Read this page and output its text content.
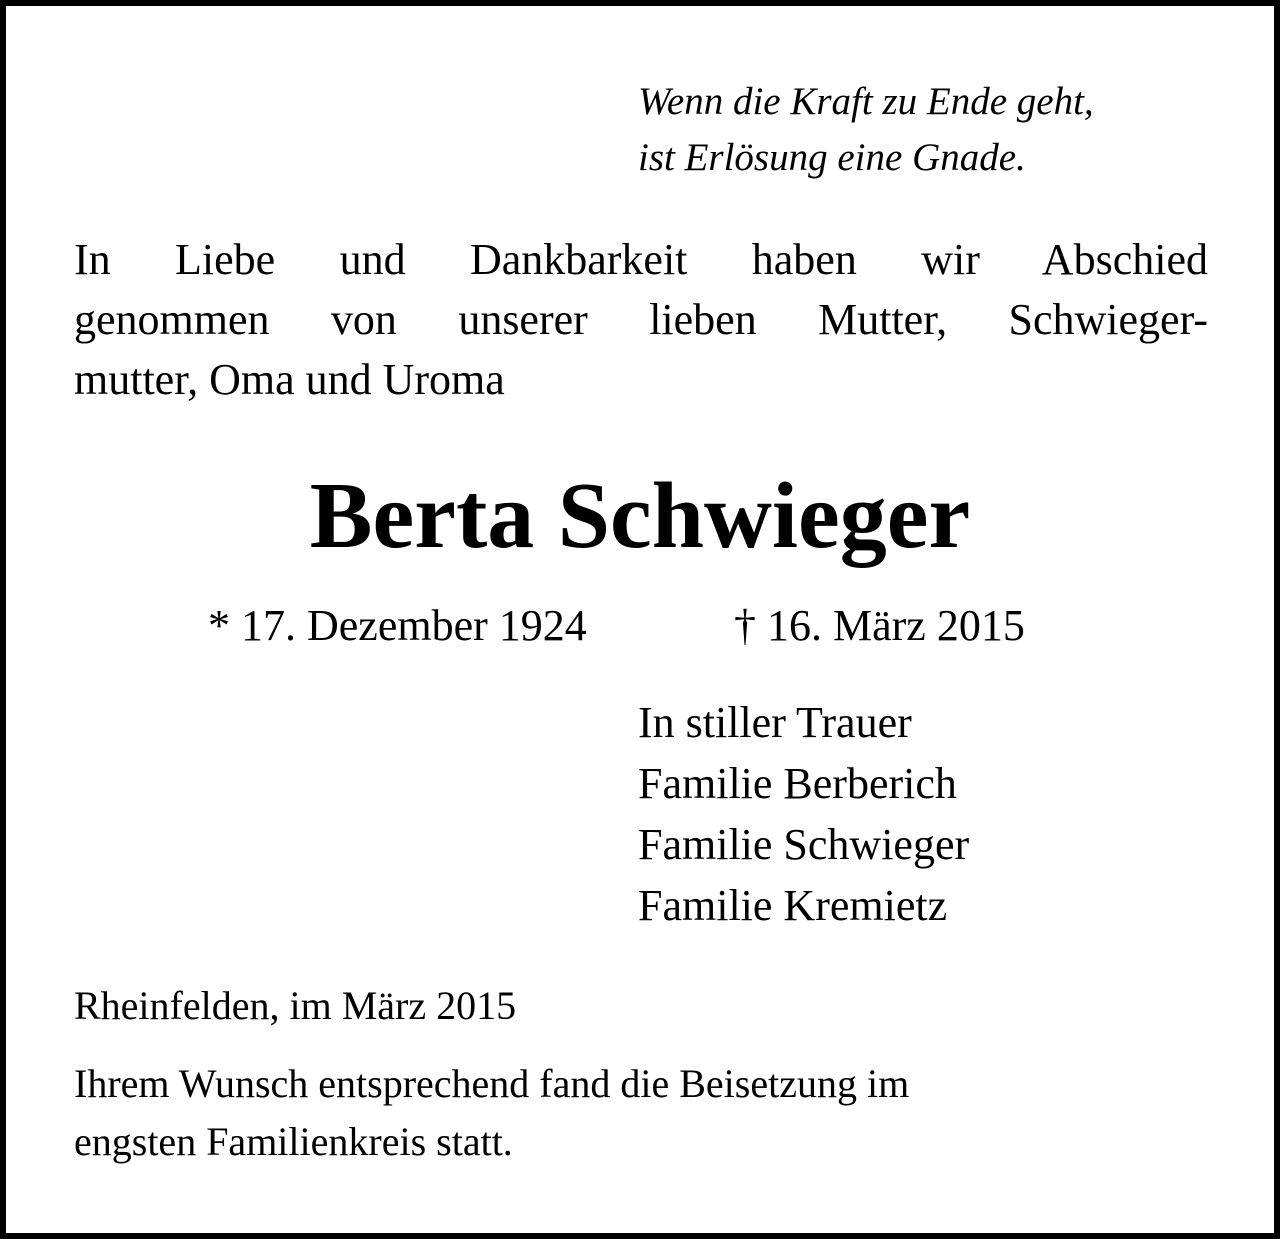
Wenn die Kraft zu Ende geht,
ist Erlösung eine Gnade.
In Liebe und Dankbarkeit haben wir Abschied
genommen von unserer lieben Mutter, Schwieger-
mutter, Oma und Uroma
Berta Schwieger
* 17. Dezember 1924	† 16. März 2015
In stiller Trauer
Familie Berberich
Familie Schwieger
Familie Kremietz
Rheinfelden, im März 2015
Ihrem Wunsch entsprechend fand die Beisetzung im
engsten Familienkreis statt.
